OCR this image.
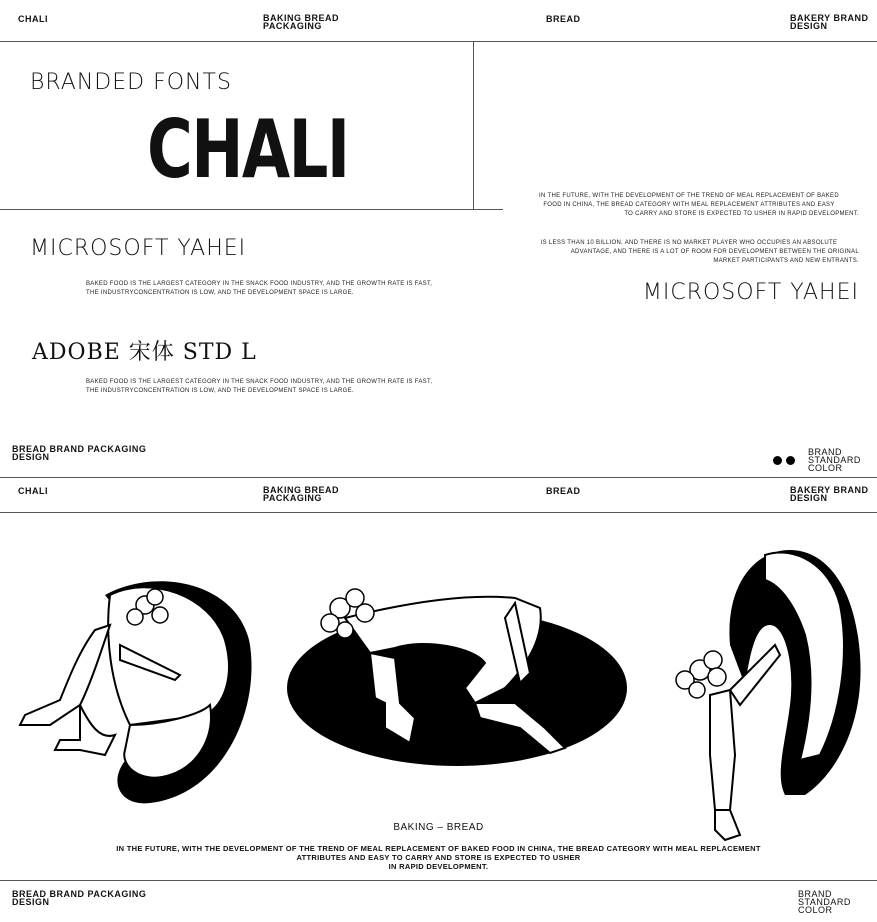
CHALI	BAKING BREAD
PACKAGING
BREAD	BAKERY BRAND
DESIGN
BRANDED FONTS
CHALI
MICROSOFT YAHEI
BAKED FOOD IS THE LARGEST CATEGORY IN THE SNACK FOOD INDUSTRY, AND THE GROWTH RATE IS FAST,
THE INDUSTRYCONCENTRATION IS LOW, AND THE DEVELOPMENT SPACE IS LARGE.
ADOBE 宋体 STD L
BAKED FOOD IS THE LARGEST CATEGORY IN THE SNACK FOOD INDUSTRY, AND THE GROWTH RATE IS FAST,
THE INDUSTRYCONCENTRATION IS LOW, AND THE DEVELOPMENT SPACE IS LARGE.
IN THE FUTURE, WITH THE DEVELOPMENT OF THE TREND OF MEAL REPLACEMENT OF BAKED
FOOD IN CHINA, THE BREAD CATEGORY WITH MEAL REPLACEMENT ATTRIBUTES AND EASY
TO CARRY AND STORE IS EXPECTED TO USHER IN RAPID DEVELOPMENT.
IS LESS THAN 10 BILLION, AND THERE IS NO MARKET PLAYER WHO OCCUPIES AN ABSOLUTE
ADVANTAGE, AND THERE IS A LOT OF ROOM FOR DEVELOPMENT BETWEEN THE ORIGINAL
MARKET PARTICIPANTS AND NEW ENTRANTS.
MICROSOFT YAHEI
BREAD BRAND PACKAGING
DESIGN	BRAND
STANDARD
COLOR
CHALI	BAKING BREAD
PACKAGING
BREAD	BAKERY BRAND
DESIGN
BAKING – BREAD
IN THE FUTURE, WITH THE DEVELOPMENT OF THE TREND OF MEAL REPLACEMENT OF BAKED FOOD IN CHINA, THE BREAD CATEGORY WITH MEAL REPLACEMENT
ATTRIBUTES AND EASY TO CARRY AND STORE IS EXPECTED TO USHER
IN RAPID DEVELOPMENT.
BREAD BRAND PACKAGING
DESIGN
BRAND
STANDARD
COLOR
